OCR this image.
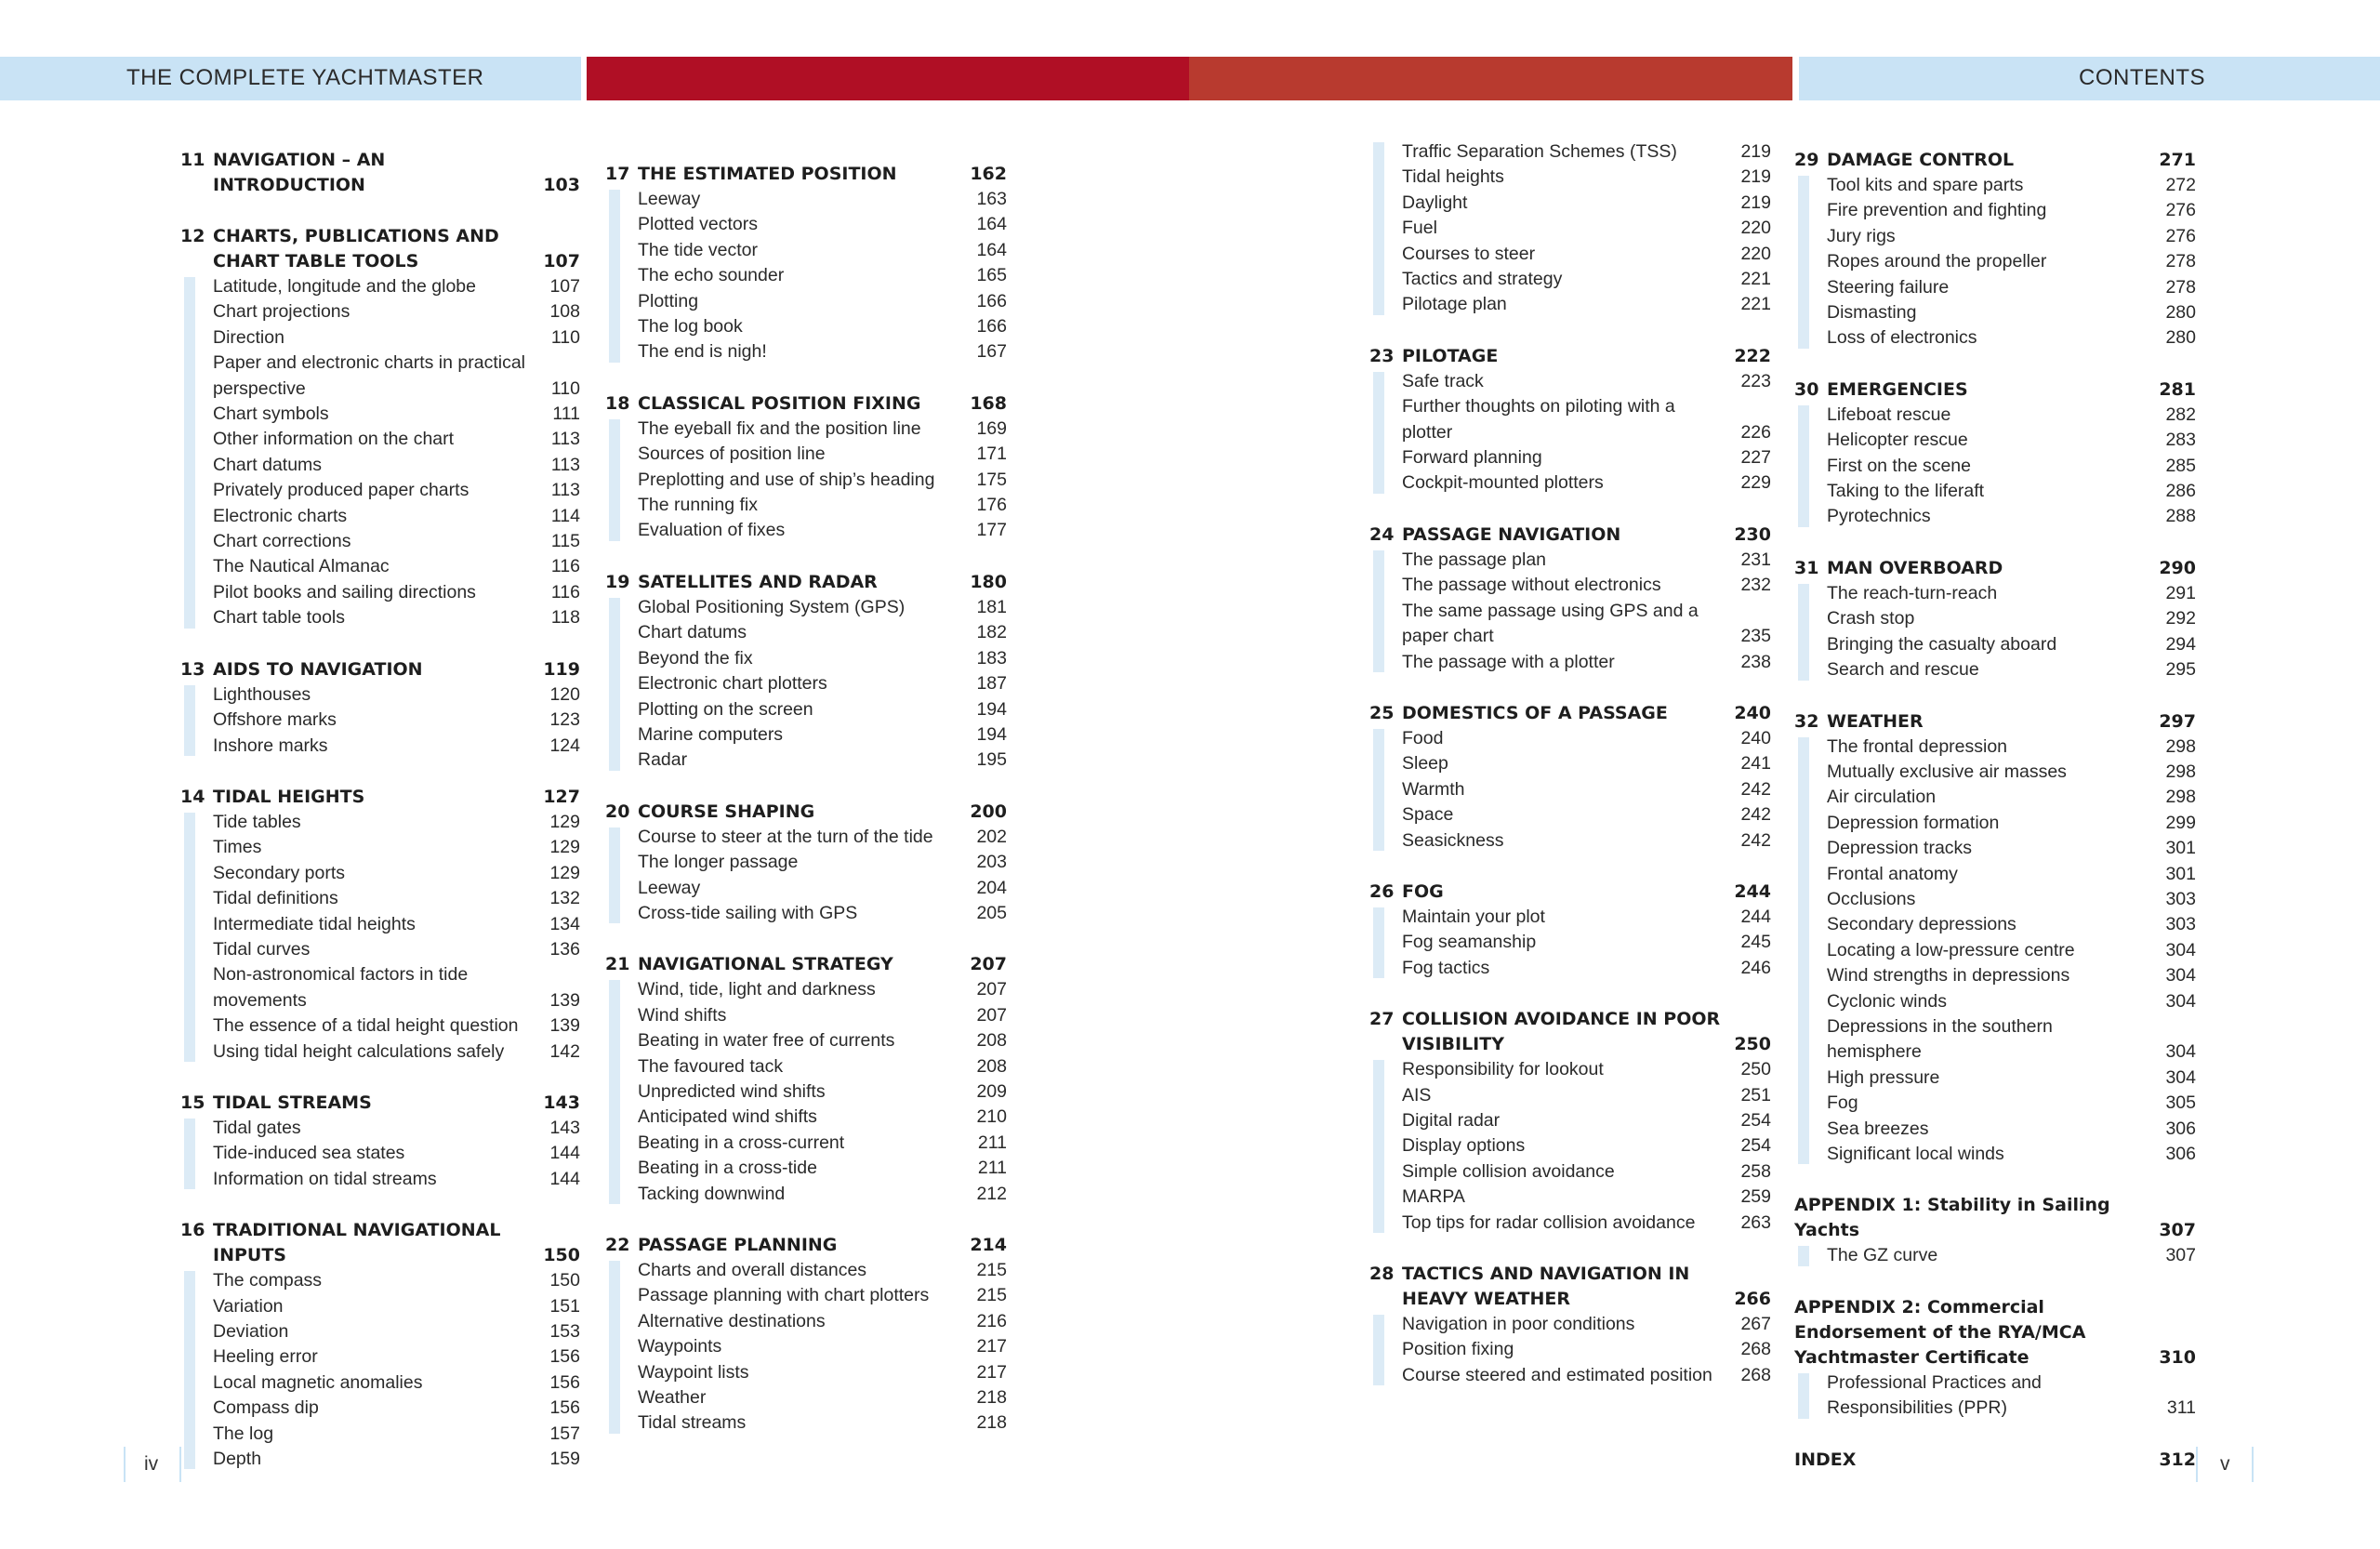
THE COMPLETE YACHTMASTER	CONTENTS
11 NAVIGATION – AN INTRODUCTION	103
12 CHARTS, PUBLICATIONS AND CHART TABLE TOOLS	107
Latitude, longitude and the globe	107
Chart projections	108
Direction	110
Paper and electronic charts in practical perspective	110
Chart symbols	111
Other information on the chart	113
Chart datums	113
Privately produced paper charts	113
Electronic charts	114
Chart corrections	115
The Nautical Almanac	116
Pilot books and sailing directions	116
Chart table tools	118
13 AIDS TO NAVIGATION	119
Lighthouses	120
Offshore marks	123
Inshore marks	124
14 TIDAL HEIGHTS	127
Tide tables	129
Times	129
Secondary ports	129
Tidal definitions	132
Intermediate tidal heights	134
Tidal curves	136
Non-astronomical factors in tide movements	139
The essence of a tidal height question	139
Using tidal height calculations safely	142
15 TIDAL STREAMS	143
Tidal gates	143
Tide-induced sea states	144
Information on tidal streams	144
16 TRADITIONAL NAVIGATIONAL INPUTS	150
The compass	150
Variation	151
Deviation	153
Heeling error	156
Local magnetic anomalies	156
Compass dip	156
The log	157
Depth	159
17 THE ESTIMATED POSITION	162
Leeway	163
Plotted vectors	164
The tide vector	164
The echo sounder	165
Plotting	166
The log book	166
The end is nigh!	167
18 CLASSICAL POSITION FIXING	168
The eyeball fix and the position line	169
Sources of position line	171
Preplotting and use of ship’s heading	175
The running fix	176
Evaluation of fixes	177
19 SATELLITES AND RADAR	180
Global Positioning System (GPS)	181
Chart datums	182
Beyond the fix	183
Electronic chart plotters	187
Plotting on the screen	194
Marine computers	194
Radar	195
20 COURSE SHAPING	200
Course to steer at the turn of the tide	202
The longer passage	203
Leeway	204
Cross-tide sailing with GPS	205
21 NAVIGATIONAL STRATEGY	207
Wind, tide, light and darkness	207
Wind shifts	207
Beating in water free of currents	208
The favoured tack	208
Unpredicted wind shifts	209
Anticipated wind shifts	210
Beating in a cross-current	211
Beating in a cross-tide	211
Tacking downwind	212
22 PASSAGE PLANNING	214
Charts and overall distances	215
Passage planning with chart plotters	215
Alternative destinations	216
Waypoints	217
Waypoint lists	217
Weather	218
Tidal streams	218
Traffic Separation Schemes (TSS)	219
Tidal heights	219
Daylight	219
Fuel	220
Courses to steer	220
Tactics and strategy	221
Pilotage plan	221
23 PILOTAGE	222
Safe track	223
Further thoughts on piloting with a plotter	226
Forward planning	227
Cockpit-mounted plotters	229
24 PASSAGE NAVIGATION	230
The passage plan	231
The passage without electronics	232
The same passage using GPS and a paper chart	235
The passage with a plotter	238
25 DOMESTICS OF A PASSAGE	240
Food	240
Sleep	241
Warmth	242
Space	242
Seasickness	242
26 FOG	244
Maintain your plot	244
Fog seamanship	245
Fog tactics	246
27 COLLISION AVOIDANCE IN POOR VISIBILITY	250
Responsibility for lookout	250
AIS	251
Digital radar	254
Display options	254
Simple collision avoidance	258
MARPA	259
Top tips for radar collision avoidance	263
28 TACTICS AND NAVIGATION IN HEAVY WEATHER	266
Navigation in poor conditions	267
Position fixing	268
Course steered and estimated position	268
29 DAMAGE CONTROL	271
Tool kits and spare parts	272
Fire prevention and fighting	276
Jury rigs	276
Ropes around the propeller	278
Steering failure	278
Dismasting	280
Loss of electronics	280
30 EMERGENCIES	281
Lifeboat rescue	282
Helicopter rescue	283
First on the scene	285
Taking to the liferaft	286
Pyrotechnics	288
31 MAN OVERBOARD	290
The reach-turn-reach	291
Crash stop	292
Bringing the casualty aboard	294
Search and rescue	295
32 WEATHER	297
The frontal depression	298
Mutually exclusive air masses	298
Air circulation	298
Depression formation	299
Depression tracks	301
Frontal anatomy	301
Occlusions	303
Secondary depressions	303
Locating a low-pressure centre	304
Wind strengths in depressions	304
Cyclonic winds	304
Depressions in the southern hemisphere	304
High pressure	304
Fog	305
Sea breezes	306
Significant local winds	306
APPENDIX 1: Stability in Sailing Yachts	307
The GZ curve	307
APPENDIX 2: Commercial Endorsement of the RYA/MCA Yachtmaster Certificate	310
Professional Practices and Responsibilities (PPR)	311
INDEX	312
iv	v
